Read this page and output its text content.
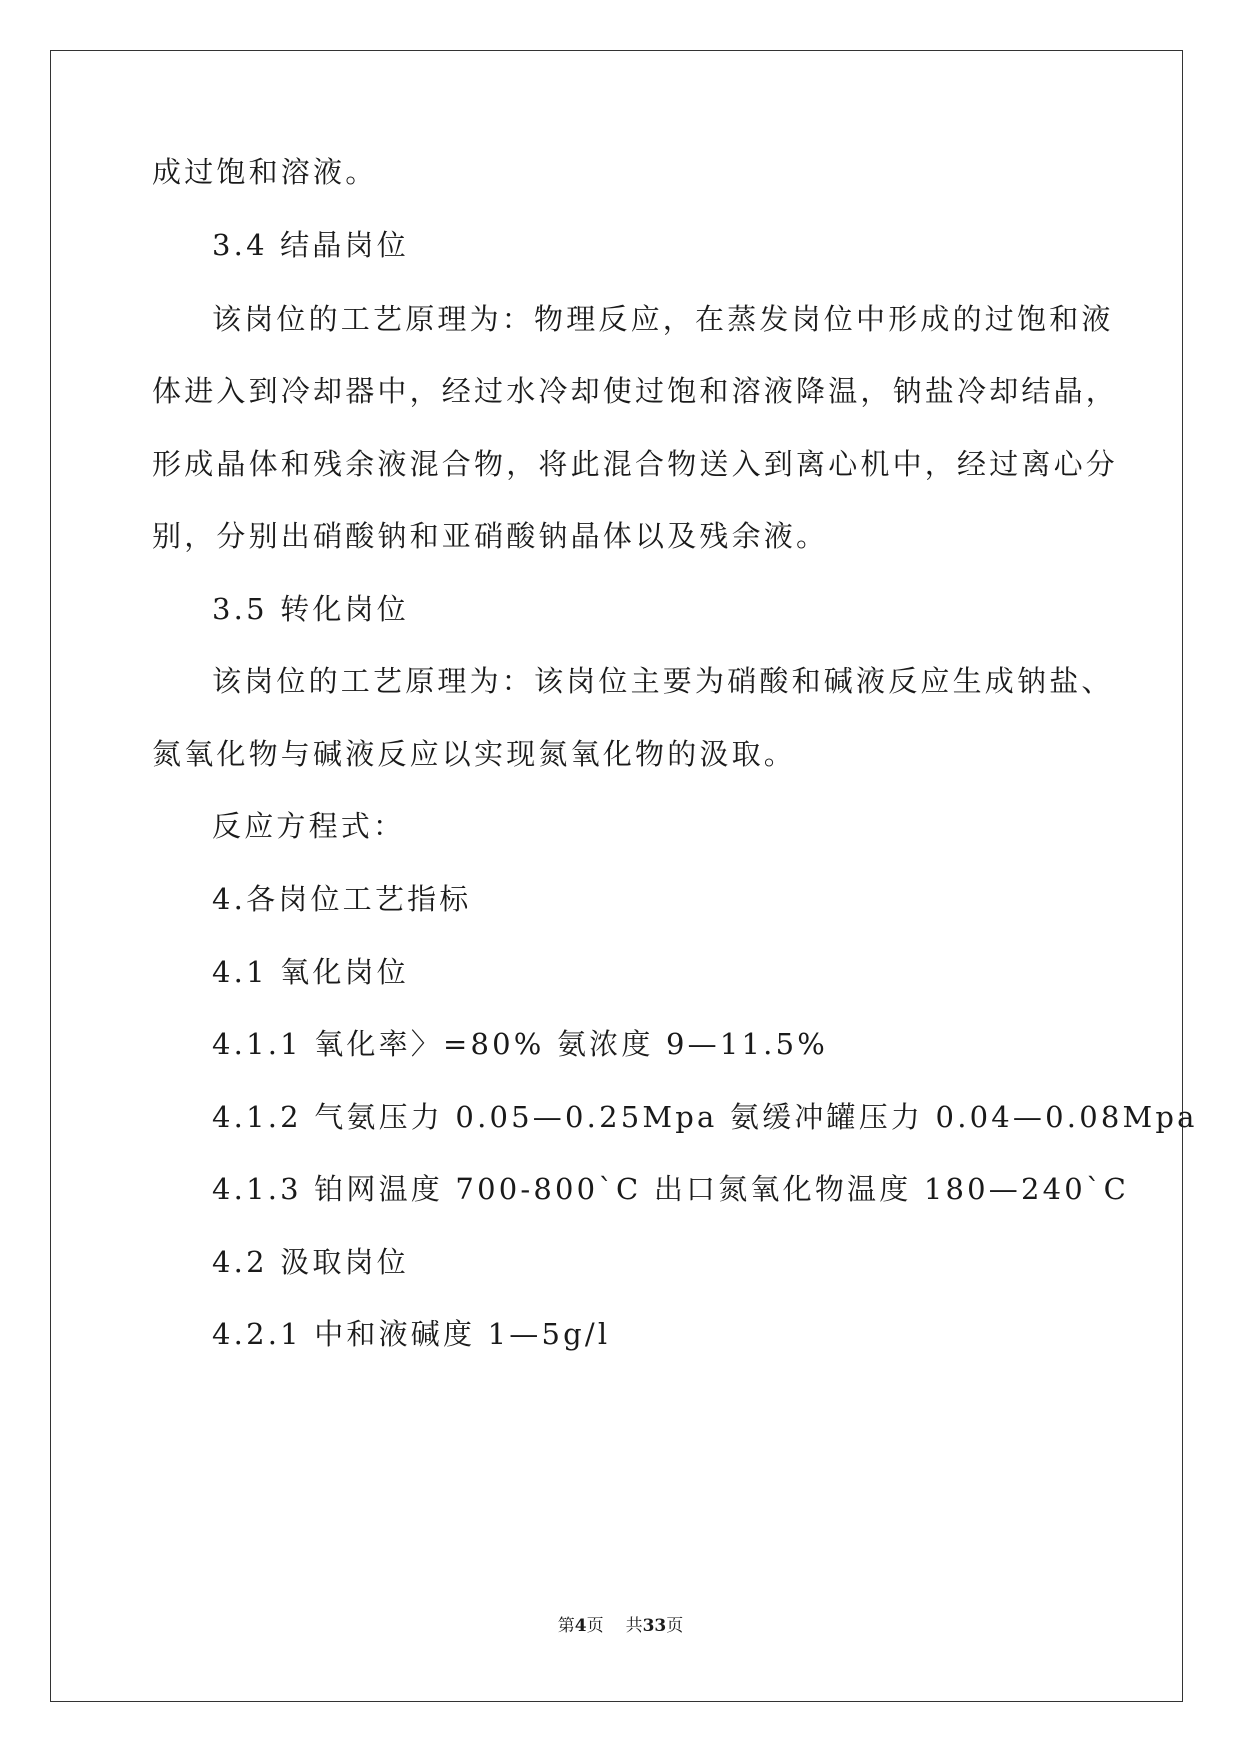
成过饱和溶液。
3.4 结晶岗位
该岗位的工艺原理为：物理反应，在蒸发岗位中形成的过饱和液
体进入到冷却器中，经过水冷却使过饱和溶液降温，钠盐冷却结晶，
形成晶体和残余液混合物，将此混合物送入到离心机中，经过离心分
别，分别出硝酸钠和亚硝酸钠晶体以及残余液。
3.5 转化岗位
该岗位的工艺原理为：该岗位主要为硝酸和碱液反应生成钠盐、
氮氧化物与碱液反应以实现氮氧化物的汲取。
反应方程式：
4.各岗位工艺指标
4.1 氧化岗位
4.1.1 氧化率〉=80% 氨浓度 9—11.5%
4.1.2 气氨压力 0.05—0.25Mpa 氨缓冲罐压力 0.04—0.08Mpa
4.1.3 铂网温度 700-800`C 出口氮氧化物温度 180—240`C
4.2 汲取岗位
4.2.1 中和液碱度 1—5g/l
第4页 共33页
